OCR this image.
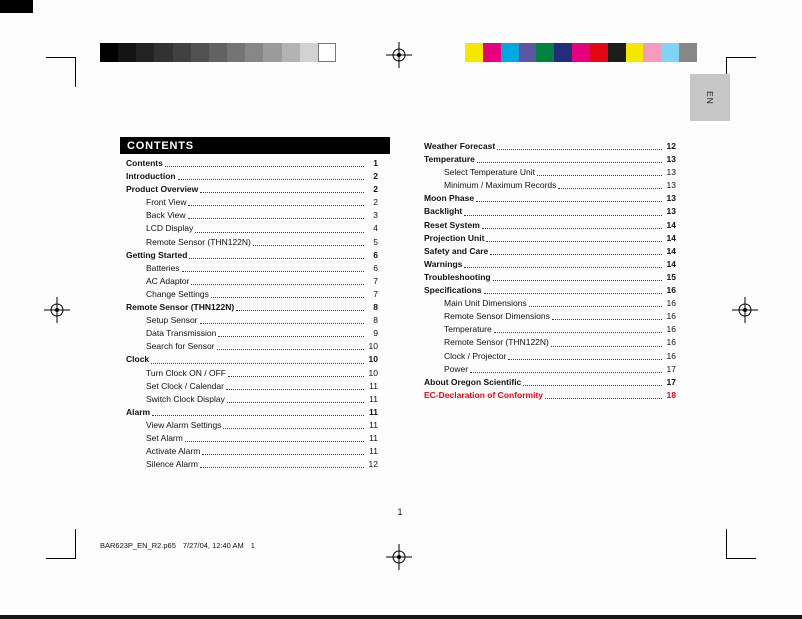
EN
CONTENTS
Contents	1
Introduction	2
Product Overview	2
Front View	2
Back View	3
LCD Display	4
Remote Sensor (THN122N)	5
Getting Started	6
Batteries	6
AC Adaptor	7
Change Settings	7
Remote Sensor (THN122N)	8
Setup Sensor	8
Data Transmission	9
Search for Sensor	10
Clock	10
Turn Clock ON / OFF	10
Set Clock / Calendar	11
Switch Clock Display	11
Alarm	11
View Alarm Settings	11
Set Alarm	11
Activate Alarm	11
Silence Alarm	12
Weather Forecast	12
Temperature	13
Select Temperature Unit	13
Minimum / Maximum Records	13
Moon Phase	13
Backlight	13
Reset System	14
Projection Unit	14
Safety and Care	14
Warnings	14
Troubleshooting	15
Specifications	16
Main Unit Dimensions	16
Remote Sensor Dimensions	16
Temperature	16
Remote Sensor (THN122N)	16
Clock / Projector	16
Power	17
About Oregon Scientific	17
EC-Declaration of Conformity	18
1
BAR623P_EN_R2.p65 7/27/04, 12:40 AM 1
